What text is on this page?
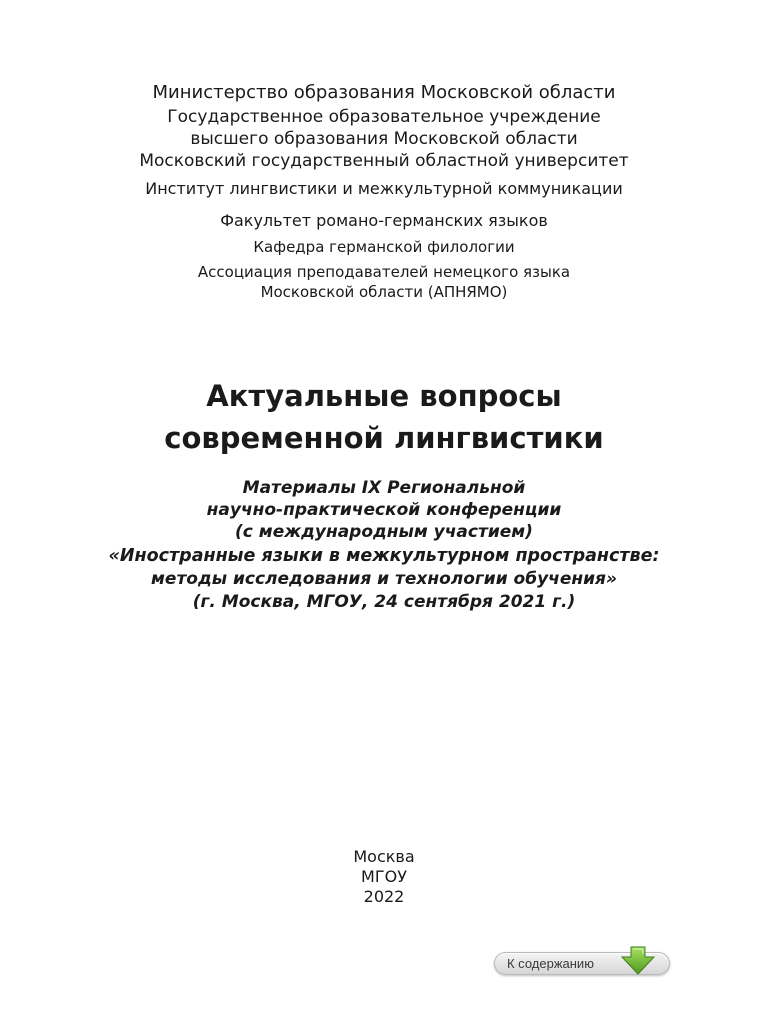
Министерство образования Московской области
Государственное образовательное учреждение
высшего образования Московской области
Московский государственный областной университет
Институт лингвистики и межкультурной коммуникации
Факультет романо-германских языков
Кафедра германской филологии
Ассоциация преподавателей немецкого языка
Московской области (АПНЯМО)
Актуальные вопросы
современной лингвистики
Материалы IX Региональной
научно-практической конференции
(с международным участием)
«Иностранные языки в межкультурном пространстве:
методы исследования и технологии обучения»
(г. Москва, МГОУ, 24 сентября 2021 г.)
Москва
МГОУ
2022
К содержанию
